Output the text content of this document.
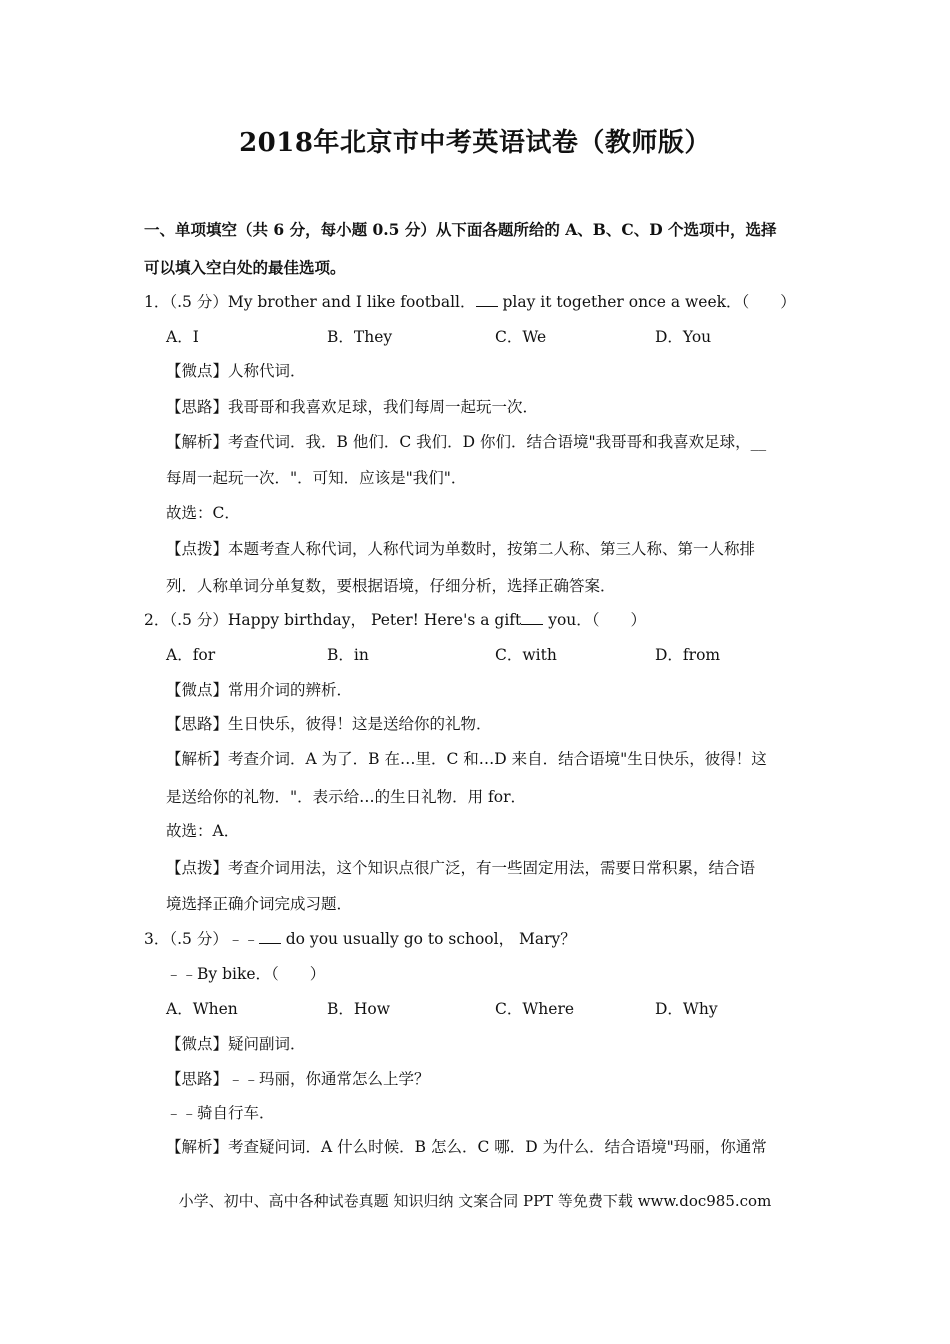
2018年北京市中考英语试卷（教师版）
一、单项填空（共 6 分，每小题 0.5 分）从下面各题所给的 A、B、C、D 个选项中，选择
可以填入空白处的最佳选项。
1．（.5 分）My brother and I like football． play it together once a week．（　　）
A．I	B．They	C．We	D．You
【微点】人称代词．
【思路】我哥哥和我喜欢足球，我们每周一起玩一次．
【解析】考查代词．我．B 他们．C 我们．D 你们．结合语境"我哥哥和我喜欢足球，__
每周一起玩一次．"．可知．应该是"我们"．
故选：C．
【点拨】本题考查人称代词，人称代词为单数时，按第二人称、第三人称、第一人称排
列．人称单词分单复数，要根据语境，仔细分析，选择正确答案．
2．（.5 分）Happy birthday， Peter! Here's a gift you．（　　）
A．for	B．in	C．with	D．from
【微点】常用介词的辨析．
【思路】生日快乐，彼得！这是送给你的礼物．
【解析】考查介词．A 为了．B 在…里．C 和…D 来自．结合语境"生日快乐，彼得！这
是送给你的礼物．"．表示给…的生日礼物．用 for．
故选：A．
【点拨】考查介词用法，这个知识点很广泛，有一些固定用法，需要日常积累，结合语
境选择正确介词完成习题．
3．（.5 分）﹣﹣ do you usually go to school， Mary？
﹣﹣By bike．（　　）
A．When	B．How	C．Where	D．Why
【微点】疑问副词．
【思路】﹣﹣玛丽，你通常怎么上学？
﹣﹣骑自行车．
【解析】考查疑问词．A 什么时候．B 怎么．C 哪．D 为什么．结合语境"玛丽，你通常
小学、初中、高中各种试卷真题 知识归纳 文案合同 PPT 等免费下载 www.doc985.com
